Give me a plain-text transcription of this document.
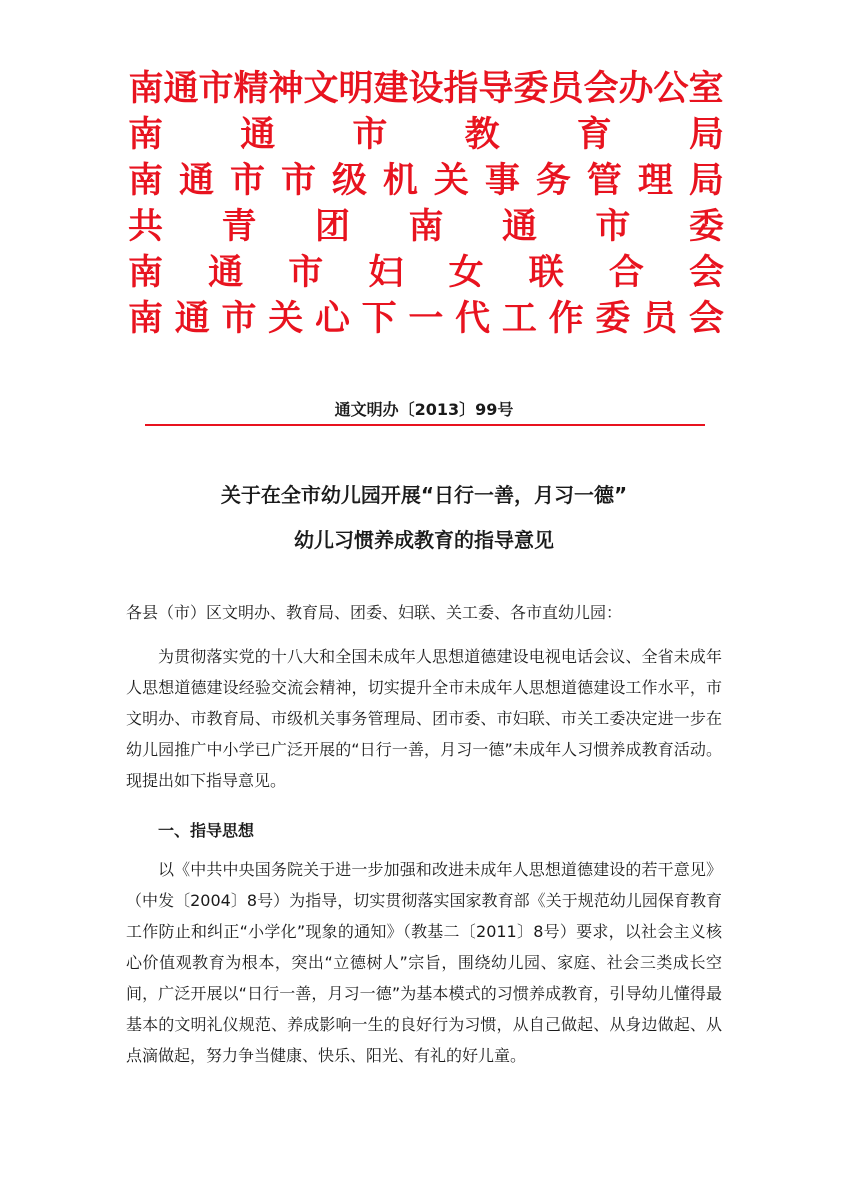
南通市精神文明建设指导委员会办公室
南 通 市 教 育 局
南 通 市 市 级 机 关 事 务 管 理 局
共 青 团 南 通 市 委
南 通 市 妇 女 联 合 会
南 通 市 关 心 下 一 代 工 作 委 员 会
通文明办〔2013〕99号
关于在全市幼儿园开展“日行一善，月习一德”
幼儿习惯养成教育的指导意见
各县（市）区文明办、教育局、团委、妇联、关工委、各市直幼儿园：
为贯彻落实党的十八大和全国未成年人思想道德建设电视电话会议、全省未成年人思想道德建设经验交流会精神，切实提升全市未成年人思想道德建设工作水平，市文明办、市教育局、市级机关事务管理局、团市委、市妇联、市关工委决定进一步在幼儿园推广中小学已广泛开展的“日行一善，月习一德”未成年人习惯养成教育活动。现提出如下指导意见。
一、指导思想
以《中共中央国务院关于进一步加强和改进未成年人思想道德建设的若干意见》（中发〔2004〕8号）为指导，切实贯彻落实国家教育部《关于规范幼儿园保育教育工作防止和纠正“小学化”现象的通知》（教基二〔2011〕8号）要求，以社会主义核心价值观教育为根本，突出“立德树人”宗旨，围绕幼儿园、家庭、社会三类成长空间，广泛开展以“日行一善，月习一德”为基本模式的习惯养成教育，引导幼儿懂得最基本的文明礼仪规范、养成影响一生的良好行为习惯，从自己做起、从身边做起、从点滴做起，努力争当健康、快乐、阳光、有礼的好儿童。
